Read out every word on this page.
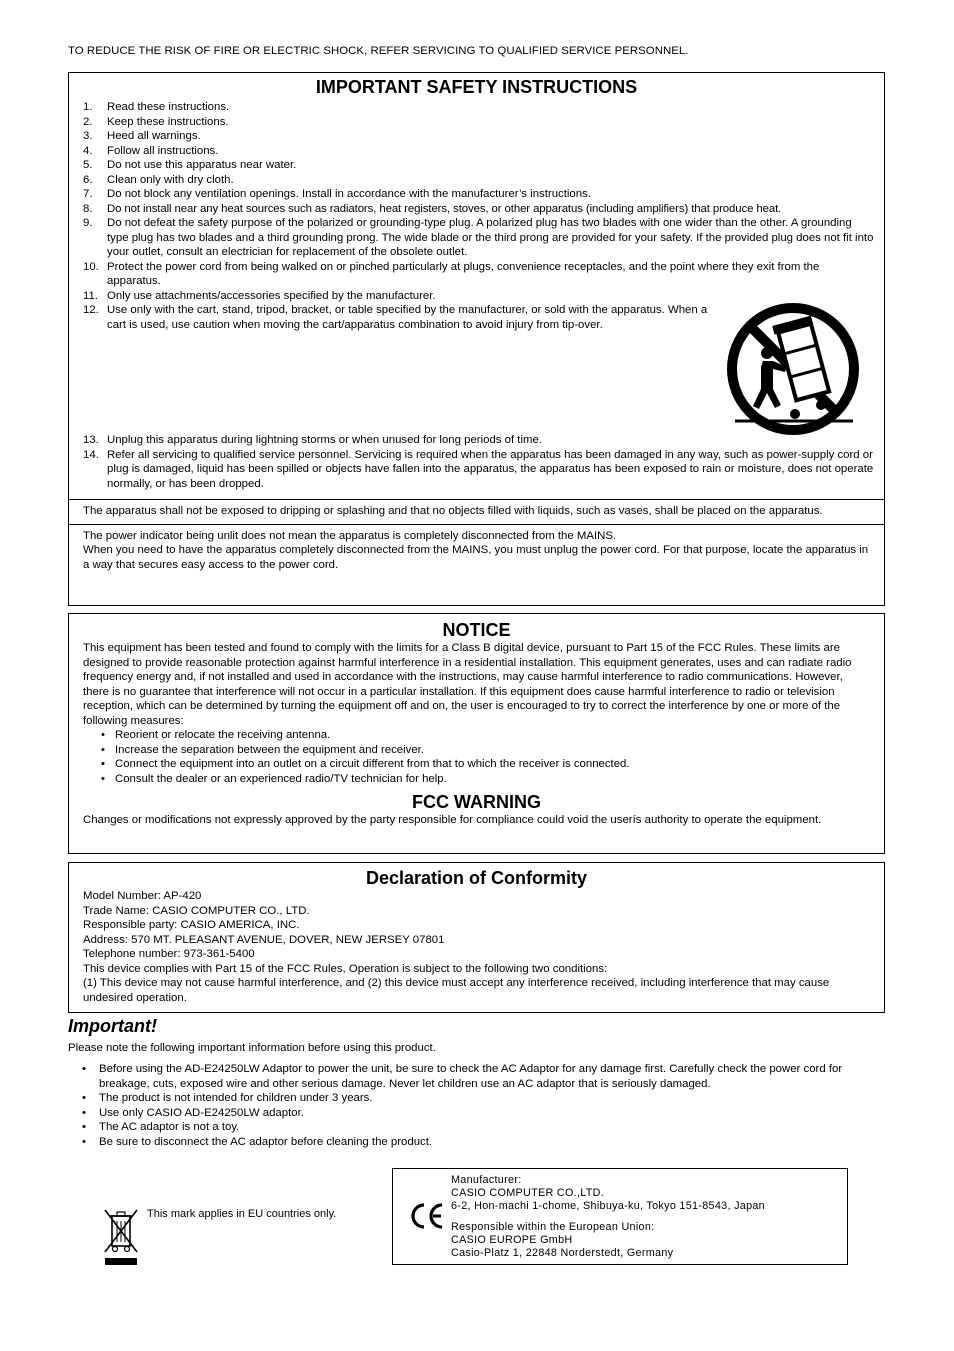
TO REDUCE THE RISK OF FIRE OR ELECTRIC SHOCK, REFER SERVICING TO QUALIFIED SERVICE PERSONNEL.
IMPORTANT SAFETY INSTRUCTIONS
1.	Read these instructions.
2.	Keep these instructions.
3.	Heed all warnings.
4.	Follow all instructions.
5.	Do not use this apparatus near water.
6.	Clean only with dry cloth.
7.	Do not block any ventilation openings. Install in accordance with the manufacturer’s instructions.
8.	Do not install near any heat sources such as radiators, heat registers, stoves, or other apparatus (including amplifiers) that produce heat.
9.	Do not defeat the safety purpose of the polarized or grounding-type plug. A polarized plug has two blades with one wider than the other. A grounding type plug has two blades and a third grounding prong. The wide blade or the third prong are provided for your safety. If the provided plug does not fit into your outlet, consult an electrician for replacement of the obsolete outlet.
10. Protect the power cord from being walked on or pinched particularly at plugs, convenience receptacles, and the point where they exit from the apparatus.
11. Only use attachments/accessories specified by the manufacturer.
12. Use only with the cart, stand, tripod, bracket, or table specified by the manufacturer, or sold with the apparatus. When a cart is used, use caution when moving the cart/apparatus combination to avoid injury from tip-over.
13. Unplug this apparatus during lightning storms or when unused for long periods of time.
14. Refer all servicing to qualified service personnel. Servicing is required when the apparatus has been damaged in any way, such as power-supply cord or plug is damaged, liquid has been spilled or objects have fallen into the apparatus, the apparatus has been exposed to rain or moisture, does not operate normally, or has been dropped.
The apparatus shall not be exposed to dripping or splashing and that no objects filled with liquids, such as vases, shall be placed on the apparatus.
The power indicator being unlit does not mean the apparatus is completely disconnected from the MAINS.
When you need to have the apparatus completely disconnected from the MAINS, you must unplug the power cord. For that purpose, locate the apparatus in a way that secures easy access to the power cord.
NOTICE
This equipment has been tested and found to comply with the limits for a Class B digital device, pursuant to Part 15 of the FCC Rules. These limits are designed to provide reasonable protection against harmful interference in a residential installation. This equipment generates, uses and can radiate radio frequency energy and, if not installed and used in accordance with the instructions, may cause harmful interference to radio communications. However, there is no guarantee that interference will not occur in a particular installation. If this equipment does cause harmful interference to radio or television reception, which can be determined by turning the equipment off and on, the user is encouraged to try to correct the interference by one or more of the following measures:
• Reorient or relocate the receiving antenna.
• Increase the separation between the equipment and receiver.
• Connect the equipment into an outlet on a circuit different from that to which the receiver is connected.
• Consult the dealer or an experienced radio/TV technician for help.
FCC WARNING
Changes or modifications not expressly approved by the party responsible for compliance could void the userís authority to operate the equipment.
Declaration of Conformity
Model Number: AP-420
Trade Name: CASIO COMPUTER CO., LTD.
Responsible party: CASIO AMERICA, INC.
Address: 570 MT. PLEASANT AVENUE, DOVER, NEW JERSEY 07801
Telephone number: 973-361-5400
This device complies with Part 15 of the FCC Rules, Operation is subject to the following two conditions:
(1) This device may not cause harmful interference, and (2) this device must accept any interference received, including interference that may cause undesired operation.
Important!
Please note the following important information before using this product.
•	Before using the AD-E24250LW Adaptor to power the unit, be sure to check the AC Adaptor for any damage first. Carefully check the power cord for breakage, cuts, exposed wire and other serious damage. Never let children use an AC adaptor that is seriously damaged.
•	The product is not intended for children under 3 years.
•	Use only CASIO AD-E24250LW adaptor.
•	The AC adaptor is not a toy.
•	Be sure to disconnect the AC adaptor before cleaning the product.
This mark applies in EU countries only.
Manufacturer:
CASIO COMPUTER CO.,LTD.
6-2, Hon-machi 1-chome, Shibuya-ku, Tokyo 151-8543, Japan
Responsible within the European Union:
CASIO EUROPE GmbH
Casio-Platz 1, 22848 Norderstedt, Germany
